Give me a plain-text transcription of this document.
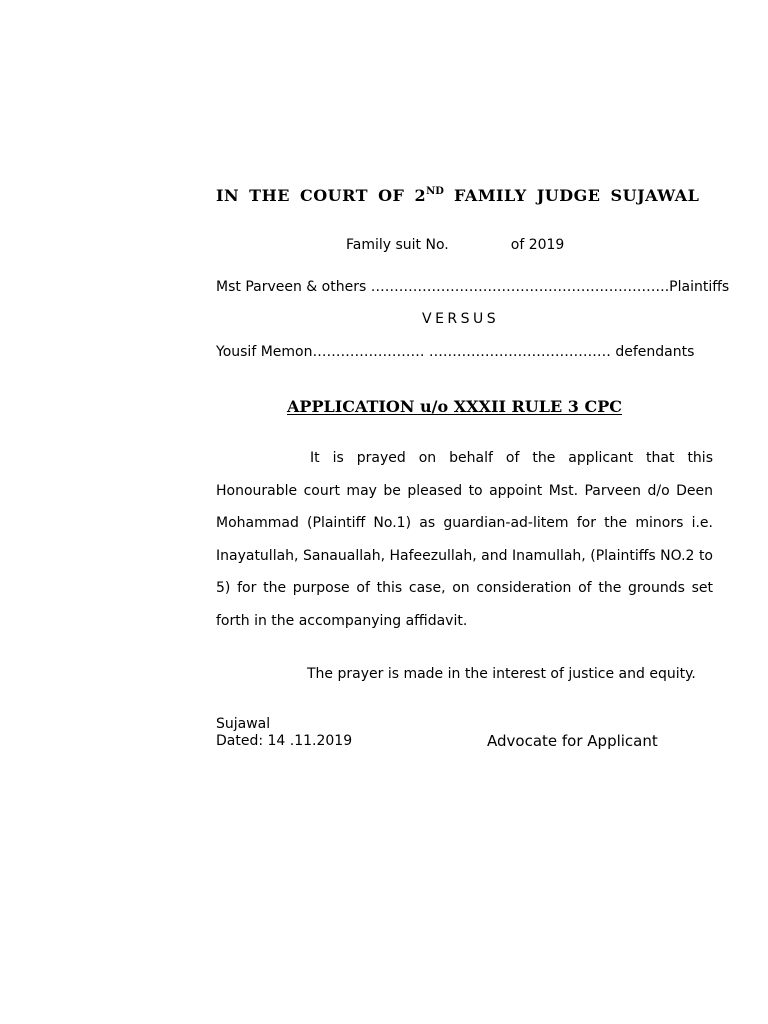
IN THE COURT OF 2ND FAMILY JUDGE SUJAWAL
Family suit No.	of 2019
Mst Parveen & others ……………………………………………………….Plaintiffs
VERSUS
Yousif Memon…………………… ………………………………… defendants
APPLICATION u/o XXXII RULE 3 CPC

It is prayed on behalf of the applicant that this Honourable court may be pleased to appoint Mst. Parveen d/o Deen Mohammad (Plaintiff No.1) as guardian-ad-litem for the minors i.e. Inayatullah, Sanauallah, Hafeezullah, and Inamullah, (Plaintiffs NO.2 to 5) for the purpose of this case, on consideration of the grounds set forth in the accompanying affidavit.

The prayer is made in the interest of justice and equity.
Sujawal
Dated: 14 .11.2019	Advocate for Applicant
